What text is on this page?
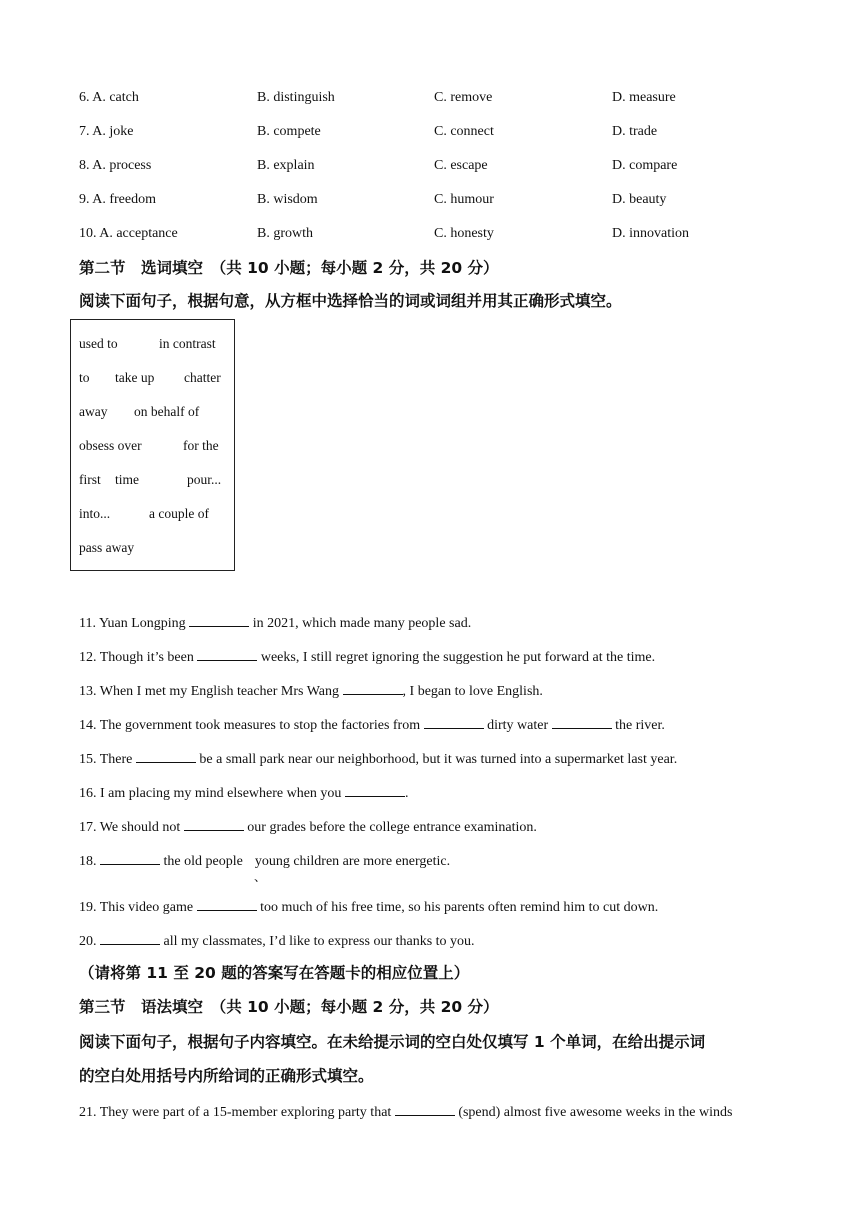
6. A. catch	B. distinguish	C. remove	D. measure
7. A. joke	B. compete	C. connect	D. trade
8. A. process	B. explain	C. escape	D. compare
9. A. freedom	B. wisdom	C. humour	D. beauty
10. A. acceptance	B. growth	C. honesty	D. innovation
第二节　选词填空　（共 10 小题；每小题 2 分，共 20 分）
阅读下面句子，根据句意，从方框中选择恰当的词或词组并用其正确形式填空。
used to	in contrast
to take up chatter
away on behalf of
obsess over	for the
first time	pour...
into...	a couple of
pass away
11. Yuan Longping	in 2021, which made many people sad.
12. Though it’s been	weeks, I still regret ignoring the suggestion he put forward at the time.
13. When I met my English teacher Mrs Wang	, I began to love English.
14. The government took measures to stop the factories from	dirty water	the river.
15. There	be a small park near our neighborhood, but it was turned into a supermarket last year.
16. I am placing my mind elsewhere when you	.
17. We should not	our grades before the college entrance examination.
18.	the old people young children are more energetic.
、
19. This video game	too much of his free time, so his parents often remind him to cut down.
20.	all my classmates, I’d like to express our thanks to you.
（请将第 11 至 20 题的答案写在答题卡的相应位置上）
第三节　语法填空　（共 10 小题；每小题 2 分，共 20 分）
阅读下面句子，根据句子内容填空。在未给提示词的空白处仅填写 1 个单词，在给出提示词
的空白处用括号内所给词的正确形式填空。
21. They were part of a 15-member exploring party that	(spend) almost five awesome weeks in the winds
